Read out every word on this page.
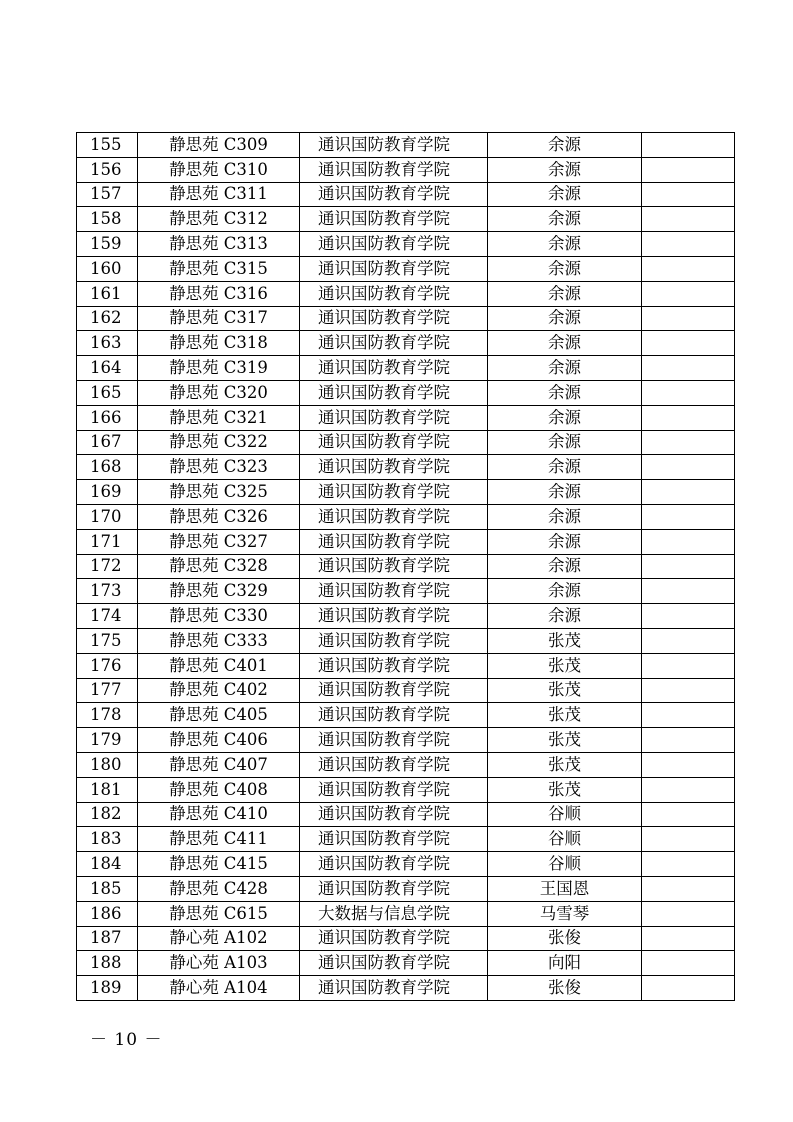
155	静思苑 C309	通识国防教育学院	余源	
156	静思苑 C310	通识国防教育学院	余源	
157	静思苑 C311	通识国防教育学院	余源	
158	静思苑 C312	通识国防教育学院	余源	
159	静思苑 C313	通识国防教育学院	余源	
160	静思苑 C315	通识国防教育学院	余源	
161	静思苑 C316	通识国防教育学院	余源	
162	静思苑 C317	通识国防教育学院	余源	
163	静思苑 C318	通识国防教育学院	余源	
164	静思苑 C319	通识国防教育学院	余源	
165	静思苑 C320	通识国防教育学院	余源	
166	静思苑 C321	通识国防教育学院	余源	
167	静思苑 C322	通识国防教育学院	余源	
168	静思苑 C323	通识国防教育学院	余源	
169	静思苑 C325	通识国防教育学院	余源	
170	静思苑 C326	通识国防教育学院	余源	
171	静思苑 C327	通识国防教育学院	余源	
172	静思苑 C328	通识国防教育学院	余源	
173	静思苑 C329	通识国防教育学院	余源	
174	静思苑 C330	通识国防教育学院	余源	
175	静思苑 C333	通识国防教育学院	张茂	
176	静思苑 C401	通识国防教育学院	张茂	
177	静思苑 C402	通识国防教育学院	张茂	
178	静思苑 C405	通识国防教育学院	张茂	
179	静思苑 C406	通识国防教育学院	张茂	
180	静思苑 C407	通识国防教育学院	张茂	
181	静思苑 C408	通识国防教育学院	张茂	
182	静思苑 C410	通识国防教育学院	谷顺	
183	静思苑 C411	通识国防教育学院	谷顺	
184	静思苑 C415	通识国防教育学院	谷顺	
185	静思苑 C428	通识国防教育学院	王国恩	
186	静思苑 C615	大数据与信息学院	马雪琴	
187	静心苑 A102	通识国防教育学院	张俊	
188	静心苑 A103	通识国防教育学院	向阳	
189	静心苑 A104	通识国防教育学院	张俊	
－ 10 －
